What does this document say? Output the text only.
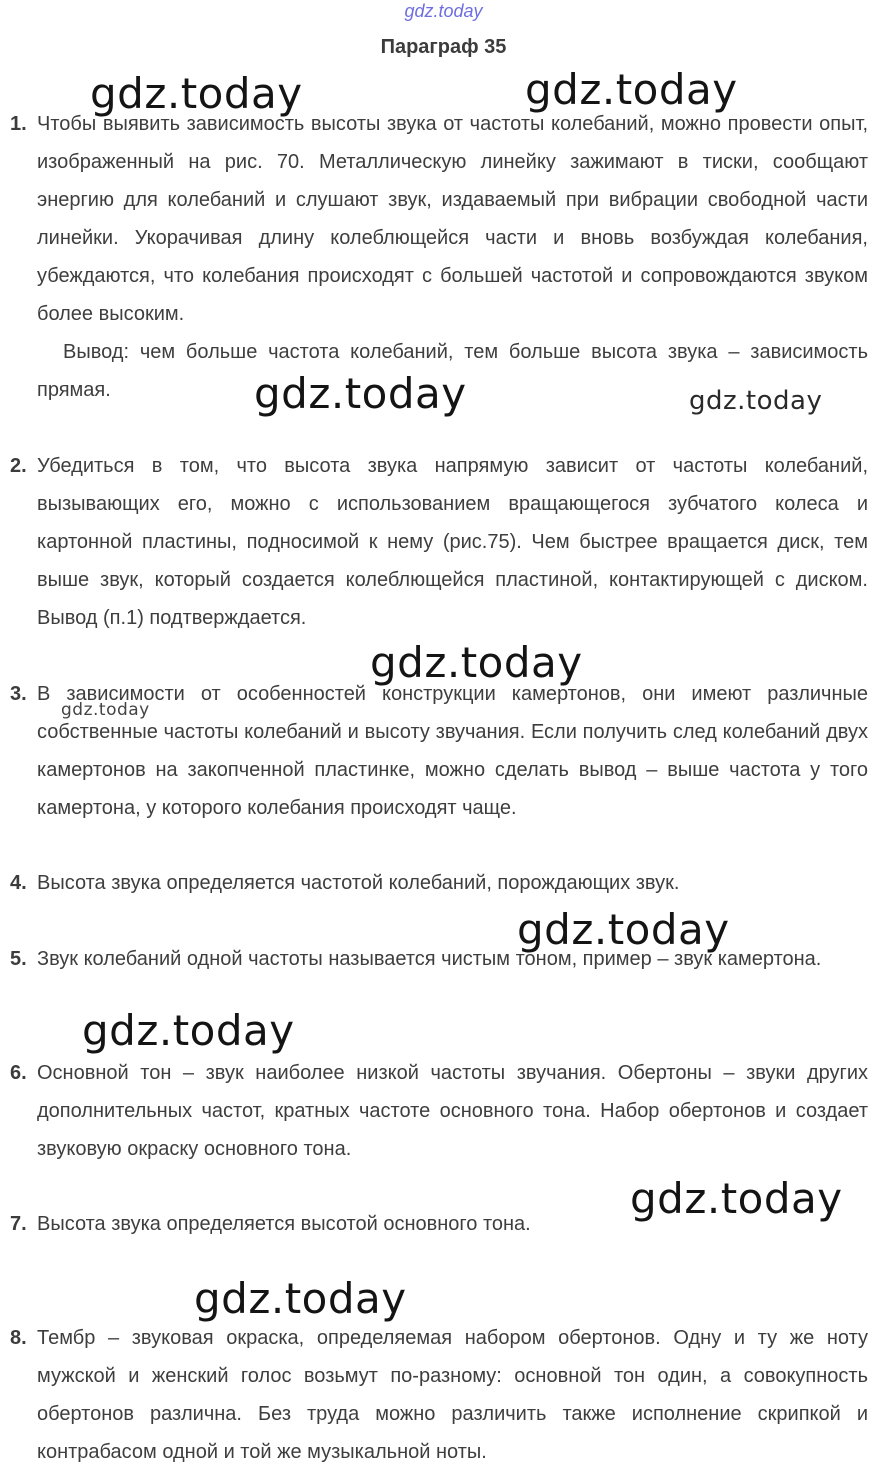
gdz.today
Параграф 35
1. Чтобы выявить зависимость высоты звука от частоты колебаний, можно провести опыт, изображенный на рис. 70. Металлическую линейку зажимают в тиски, сообщают энергию для колебаний и слушают звук, издаваемый при вибрации свободной части линейки. Укорачивая длину колеблющейся части и вновь возбуждая колебания, убеждаются, что колебания происходят с большей частотой и сопровождаются звуком более высоким.

Вывод: чем больше частота колебаний, тем больше высота звука – зависимость прямая.

2. Убедиться в том, что высота звука напрямую зависит от частоты колебаний, вызывающих его, можно с использованием вращающегося зубчатого колеса и картонной пластины, подносимой к нему (рис.75). Чем быстрее вращается диск, тем выше звук, который создается колеблющейся пластиной, контактирующей с диском. Вывод (п.1) подтверждается.

3. В зависимости от особенностей конструкции камертонов, они имеют различные собственные частоты колебаний и высоту звучания. Если получить след колебаний двух камертонов на закопченной пластинке, можно сделать вывод – выше частота у того камертона, у которого колебания происходят чаще.

4. Высота звука определяется частотой колебаний, порождающих звук.

5. Звук колебаний одной частоты называется чистым тоном, пример – звук камертона.

6. Основной тон – звук наиболее низкой частоты звучания. Обертоны – звуки других дополнительных частот, кратных частоте основного тона. Набор обертонов и создает звуковую окраску основного тона.

7. Высота звука определяется высотой основного тона.

8. Тембр – звуковая окраска, определяемая набором обертонов. Одну и ту же ноту мужской и женский голос возьмут по-разному: основной тон один, а совокупность обертонов различна. Без труда можно различить также исполнение скрипкой и контрабасом одной и той же музыкальной ноты.

gdz.today	gdz.today
gdz.today	gdz.today
gdz.today
gdz.today
gdz.today
gdz.today
gdz.today
gdz.today
